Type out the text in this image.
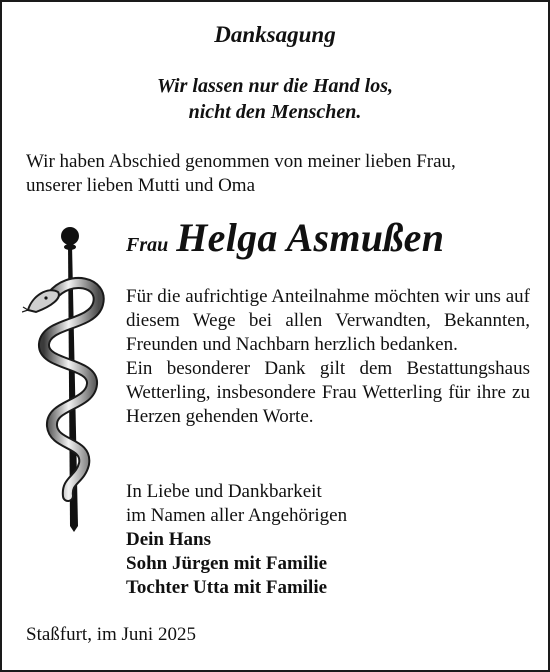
Danksagung
Wir lassen nur die Hand los,
nicht den Menschen.
Wir haben Abschied genommen von meiner lieben Frau,
unserer lieben Mutti und Oma
Frau Helga Asmußen

Für die aufrichtige Anteilnahme möchten wir uns auf diesem Wege bei allen Verwandten, Bekannten, Freunden und Nachbarn herzlich bedanken.

Ein besonderer Dank gilt dem Bestattungshaus Wetterling, insbesondere Frau Wetterling für ihre zu Herzen gehenden Worte.

In Liebe und Dankbarkeit
im Namen aller Angehörigen
Dein Hans
Sohn Jürgen mit Familie
Tochter Utta mit Familie
Staßfurt, im Juni 2025
